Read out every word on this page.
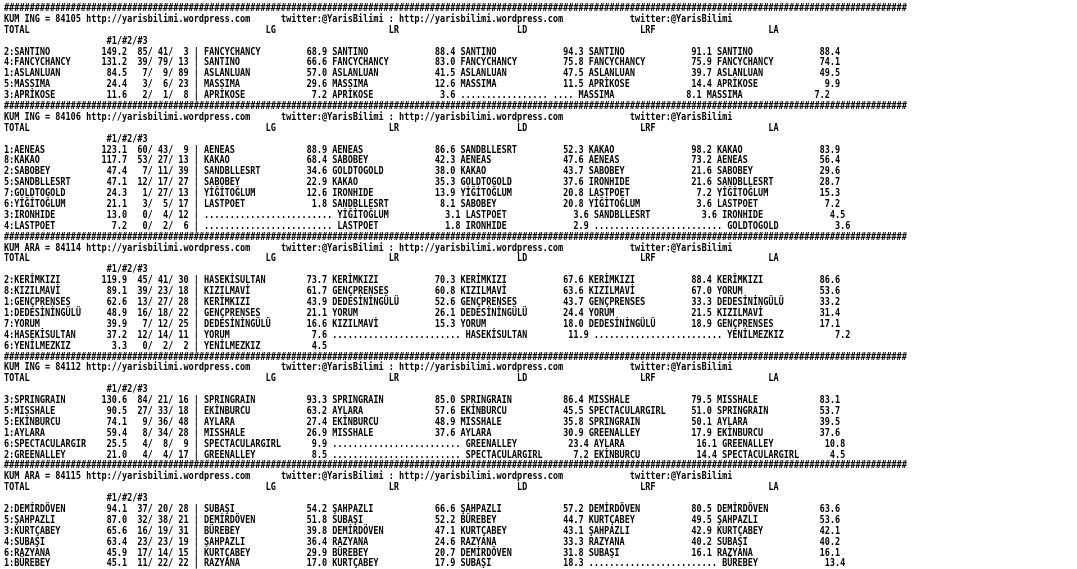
################################################################################################################################################################################
KUM ING = 84105 http://yarisbilimi.wordpress.com      twitter:@YarisBilimi : http://yarisbilimi.wordpress.com             twitter:@YarisBilimi
TOTAL                                              LG                      LR                       LD                      LRF                      LA
#1/#2/#3
2:SANTINO          149.2  85/ 41/  3 | FANCYCHANCY         68.9 SANTINO             88.4 SANTINO             94.3 SANTINO             91.1 SANTINO             88.4
4:FANCYCHANCY      131.2  39/ 79/ 13 | SANTINO             66.6 FANCYCHANCY         83.0 FANCYCHANCY         75.8 FANCYCHANCY         75.9 FANCYCHANCY         74.1
1:ASLANLUAN         84.5   7/  9/ 89 | ASLANLUAN           57.0 ASLANLUAN           41.5 ASLANLUAN           47.5 ASLANLUAN           39.7 ASLANLUAN           49.5
5:MASSIMA           24.4   3/  6/ 23 | MASSIMA             29.6 MASSIMA             12.6 MASSIMA             11.5 APRİKOSE            14.4 APRİKOSE             9.9
3:APRİKOSE          11.6   2/  1/  8 | APRİKOSE             7.2 APRİKOSE             3.6 ................. .... MASSIMA              8.1 MASSIMA              7.2
################################################################################################################################################################################
KUM ING = 84106 http://yarisbilimi.wordpress.com      twitter:@YarisBilimi : http://yarisbilimi.wordpress.com             twitter:@YarisBilimi
TOTAL                                              LG                      LR                       LD                      LRF                      LA
#1/#2/#3
1:AENEAS           123.1  60/ 43/  9 | AENEAS              88.9 AENEAS              86.6 SANDBLLESRT         52.3 KAKAO               98.2 KAKAO               83.9
8:KAKAO            117.7  53/ 27/ 13 | KAKAO               68.4 SABOBEY             42.3 AENEAS              47.6 AENEAS              73.2 AENEAS              56.4
2:SABOBEY           47.4   7/ 11/ 39 | SANDBLLESRT         34.6 GOLDTOGOLD          38.0 KAKAO               43.7 SABOBEY             21.6 SABOBEY             29.6
5:SANDBLLESRT       47.1  12/ 17/ 27 | SABOBEY             22.9 KAKAO               35.3 GOLDTOGOLD          37.6 IRONHIDE            21.6 SANDBLLESRT         28.7
7:GOLDTOGOLD        24.3   1/ 27/ 13 | YİĞİTOĞLUM          12.6 IRONHIDE            13.9 YİĞİTOĞLUM          20.8 LASTPOET             7.2 YİĞİTOĞLUM          15.3
6:YİĞİTOĞLUM        21.1   3/  5/ 17 | LASTPOET             1.8 SANDBLLESRT          8.1 SABOBEY             20.8 YİĞİTOĞLUM           3.6 LASTPOET             7.2
3:IRONHIDE          13.0   0/  4/ 12 | ......................... YİĞİTOĞLUM           3.1 LASTPOET             3.6 SANDBLLESRT          3.6 IRONHIDE             4.5
4:LASTPOET           7.2   0/  2/  6 | ......................... LASTPOET             1.8 IRONHIDE             2.9 ......................... GOLDTOGOLD           3.6
################################################################################################################################################################################
KUM ARA = 84114 http://yarisbilimi.wordpress.com      twitter:@YarisBilimi : http://yarisbilimi.wordpress.com             twitter:@YarisBilimi
TOTAL                                              LG                      LR                       LD                      LRF                      LA
#1/#2/#3
2:KERİMKIZI        119.9  45/ 41/ 30 | HASEKİSULTAN        73.7 KERİMKIZI           70.3 KERİMKIZI           67.6 KERİMKIZI           88.4 KERİMKIZI           86.6
8:KIZILMAVİ         89.1  39/ 23/ 18 | KIZILMAVİ           61.7 GENÇPRENSES         60.8 KIZILMAVİ           63.6 KIZILMAVİ           67.0 YORUM               53.6
1:GENÇPRENSES       62.6  13/ 27/ 28 | KERİMKIZI           43.9 DEDESİNİNGÜLÜ       52.6 GENÇPRENSES         43.7 GENÇPRENSES         33.3 DEDESİNİNGÜLÜ       33.2
1:DEDESİNİNGÜLÜ     48.9  16/ 18/ 22 | GENÇPRENSES         21.1 YORUM               26.1 DEDESİNİNGÜLÜ       24.4 YORUM               21.5 KIZILMAVİ           31.4
7:YORUM             39.9   7/ 12/ 25 | DEDESİNİNGÜLÜ       16.6 KIZILMAVİ           15.3 YORUM               18.0 DEDESİNİNGÜLÜ       18.9 GENÇPRENSES         17.1
4:HASEKİSULTAN      37.2  12/ 14/ 11 | YORUM                7.6 ......................... HASEKİSULTAN        11.9 ......................... YENİLMEZKIZ          7.2
6:YENİLMEZKIZ        3.3   0/  2/  2 | YENİLMEZKIZ          4.5
################################################################################################################################################################################
KUM ING = 84112 http://yarisbilimi.wordpress.com      twitter:@YarisBilimi : http://yarisbilimi.wordpress.com             twitter:@YarisBilimi
TOTAL                                              LG                      LR                       LD                      LRF                      LA
#1/#2/#3
3:SPRINGRAIN       130.6  84/ 21/ 16 | SPRINGRAIN          93.3 SPRINGRAIN          85.0 SPRINGRAIN          86.4 MISSHALE            79.5 MISSHALE            83.1
5:MISSHALE          90.5  27/ 33/ 18 | EKİNBURCU           63.2 AYLARA              57.6 EKİNBURCU           45.5 SPECTACULARGIRL     51.0 SPRINGRAIN          53.7
5:EKİNBURCU         74.1   9/ 36/ 48 | AYLARA              27.4 EKİNBURCU           48.9 MISSHALE            35.8 SPRINGRAIN          50.1 AYLARA              39.5
1:AYLARA            59.4   8/ 34/ 28 | MISSHALE            26.9 MISSHALE            37.6 AYLARA              30.9 GREENALLEY          17.9 EKİNBURCU           37.6
6:SPECTACULARGIR    25.5   4/  8/  9 | SPECTACULARGIRL      9.9 ......................... GREENALLEY          23.4 AYLARA              16.1 GREENALLEY          10.8
2:GREENALLEY        21.0   4/  4/ 17 | GREENALLEY           8.5 ......................... SPECTACULARGIRL      7.2 EKİNBURCU           14.4 SPECTACULARGIRL      4.5
################################################################################################################################################################################
KUM ARA = 84115 http://yarisbilimi.wordpress.com      twitter:@YarisBilimi : http://yarisbilimi.wordpress.com             twitter:@YarisBilimi
TOTAL                                              LG                      LR                       LD                      LRF                      LA
#1/#2/#3
2:DEMİRDÖVEN        94.1  37/ 20/ 28 | SUBAŞI              54.2 ŞAHPAZLI            66.6 ŞAHPAZLI            57.2 DEMİRDÖVEN          80.5 DEMİRDÖVEN          63.6
5:ŞAHPAZLI          87.0  32/ 38/ 21 | DEMİRDÖVEN          51.8 SUBAŞI              52.2 BÜREBEY             44.7 KURTÇABEY           49.5 ŞAHPAZLI            53.6
3:KURTÇABEY         65.6  16/ 19/ 31 | BÜREBEY             39.8 DEMİRDÖVEN          47.1 KURTÇABEY           43.1 ŞAHPAZLI            42.9 KURTÇABEY           42.1
4:SUBAŞI            63.4  23/ 23/ 19 | ŞAHPAZLI            36.4 RAZYANA             24.6 RAZYANA             33.3 RAZYANA             40.2 SUBAŞI              40.2
6:RAZYANA           45.9  17/ 14/ 15 | KURTÇABEY           29.9 BÜREBEY             20.7 DEMİRDÖVEN          31.8 SUBAŞI              16.1 RAZYANA             16.1
1:BÜREBEY           45.1  11/ 22/ 22 | RAZYANA             17.0 KURTÇABEY           17.9 SUBAŞI              18.3 ......................... BÜREBEY             13.4
